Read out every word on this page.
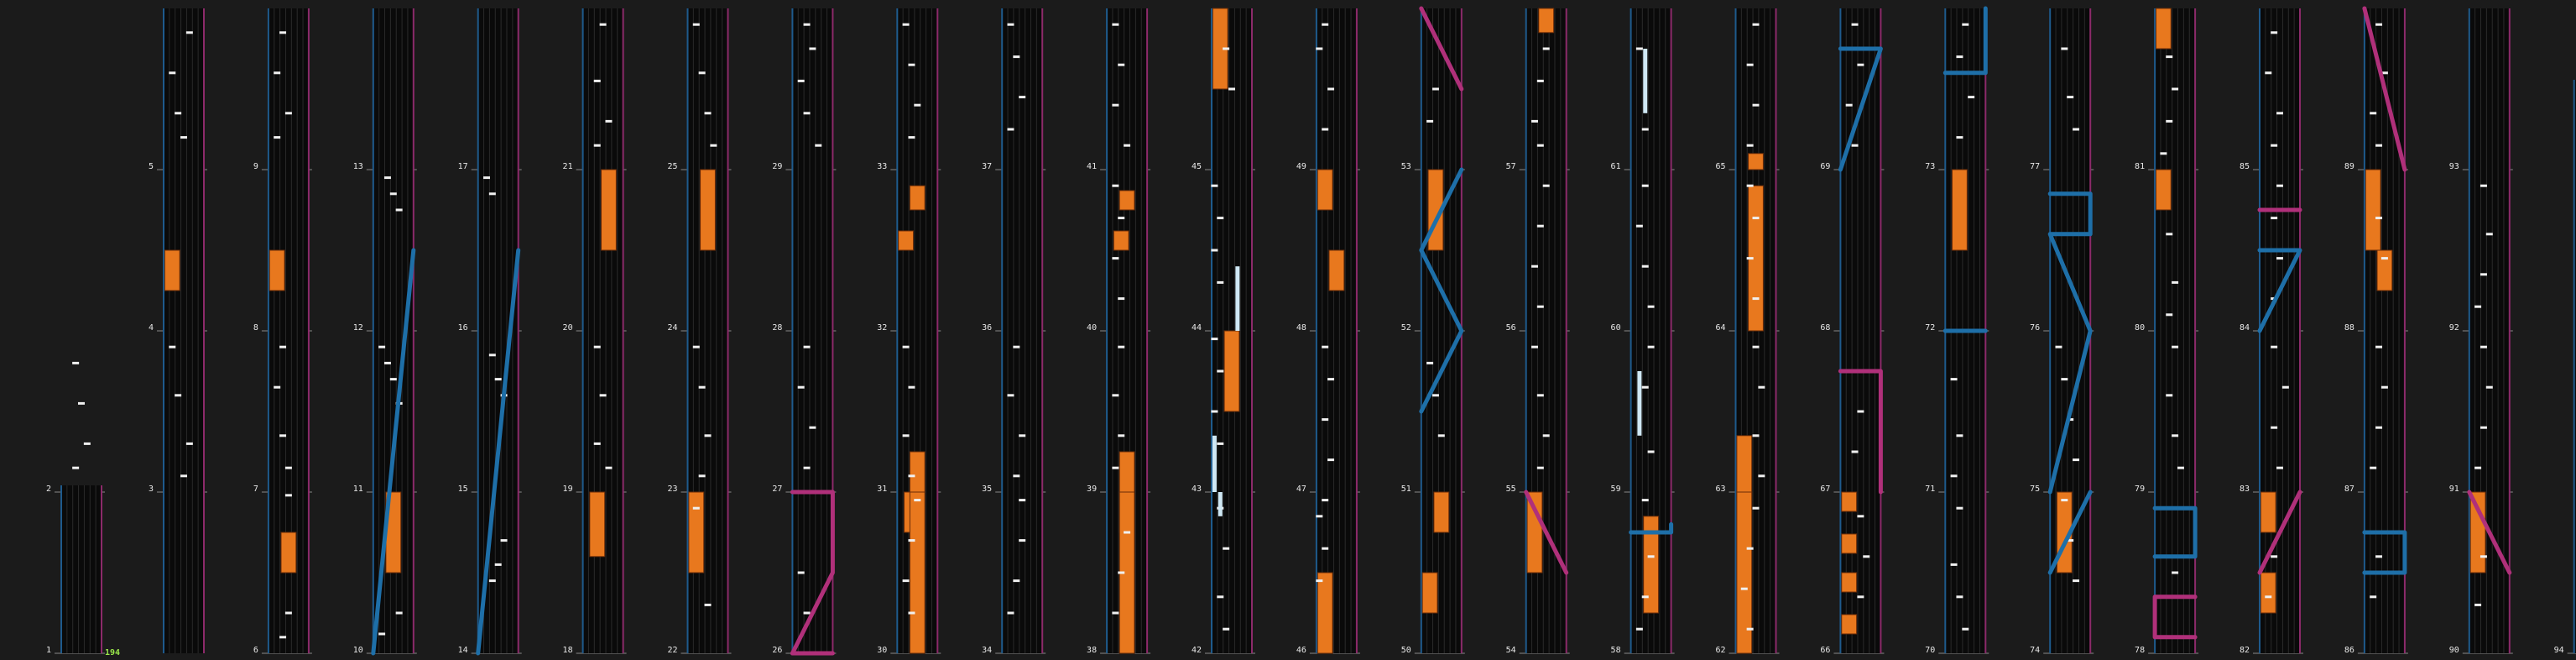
1
2	3
4
5
6
7
8
9
10
11
12
13
14
15
16
17
18
19
20
21
22
23
24
25
26
27
28
29
30
31
32
33
34
35
36
37
38
39
40
41
42
43
44
45
46
47
48
49
50
51
52
53
54
55
56
57
58
59
60
61
62
63
64
65
66
67
68
69
70
71
72
73
74
75
76
77
78
79
80
81
82
83
84
85
86
87
88
89
90
91
92
93
94
194
